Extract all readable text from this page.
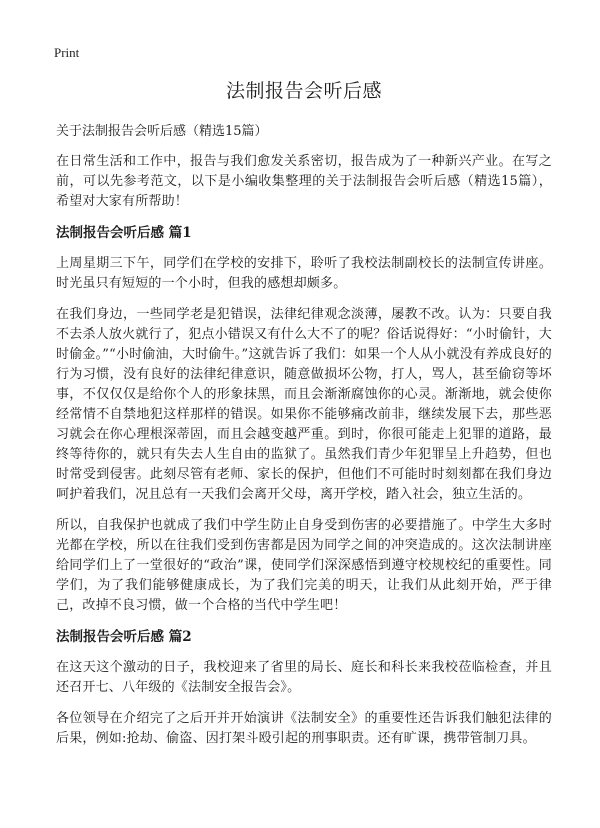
Print
法制报告会听后感
关于法制报告会听后感（精选15篇）

在日常生活和工作中，报告与我们愈发关系密切，报告成为了一种新兴产业。在写之前，可以先参考范文，以下是小编收集整理的关于法制报告会听后感（精选15篇），希望对大家有所帮助！

法制报告会听后感 篇1

上周星期三下午，同学们在学校的安排下，聆听了我校法制副校长的法制宣传讲座。时光虽只有短短的一个小时，但我的感想却颇多。

在我们身边，一些同学老是犯错误，法律纪律观念淡薄，屡教不改。认为：只要自我不去杀人放火就行了，犯点小错误又有什么大不了的呢？俗话说得好：“小时偷针，大时偷金。”“小时偷油，大时偷牛。”这就告诉了我们：如果一个人从小就没有养成良好的行为习惯，没有良好的法律纪律意识，随意做损坏公物，打人，骂人，甚至偷窃等坏事，不仅仅仅是给你个人的形象抹黑，而且会渐渐腐蚀你的心灵。渐渐地，就会使你经常情不自禁地犯这样那样的错误。如果你不能够痛改前非，继续发展下去，那些恶习就会在你心理根深蒂固，而且会越变越严重。到时，你很可能走上犯罪的道路，最终等待你的，就只有失去人生自由的监狱了。虽然我们青少年犯罪呈上升趋势，但也时常受到侵害。此刻尽管有老师、家长的保护，但他们不可能时时刻刻都在我们身边呵护着我们，况且总有一天我们会离开父母，离开学校，踏入社会，独立生活的。

所以，自我保护也就成了我们中学生防止自身受到伤害的必要措施了。中学生大多时光都在学校，所以在往我们受到伤害都是因为同学之间的冲突造成的。这次法制讲座给同学们上了一堂很好的“政治”课，使同学们深深感悟到遵守校规校纪的重要性。同学们，为了我们能够健康成长，为了我们完美的明天，让我们从此刻开始，严于律己，改掉不良习惯，做一个合格的当代中学生吧！

法制报告会听后感 篇2

在这天这个激动的日子，我校迎来了省里的局长、庭长和科长来我校莅临检查，并且还召开七、八年级的《法制安全报告会》。

各位领导在介绍完了之后开并开始演讲《法制安全》的重要性还告诉我们触犯法律的后果，例如:抢劫、偷盗、因打架斗殴引起的刑事职责。还有旷课，携带管制刀具。
